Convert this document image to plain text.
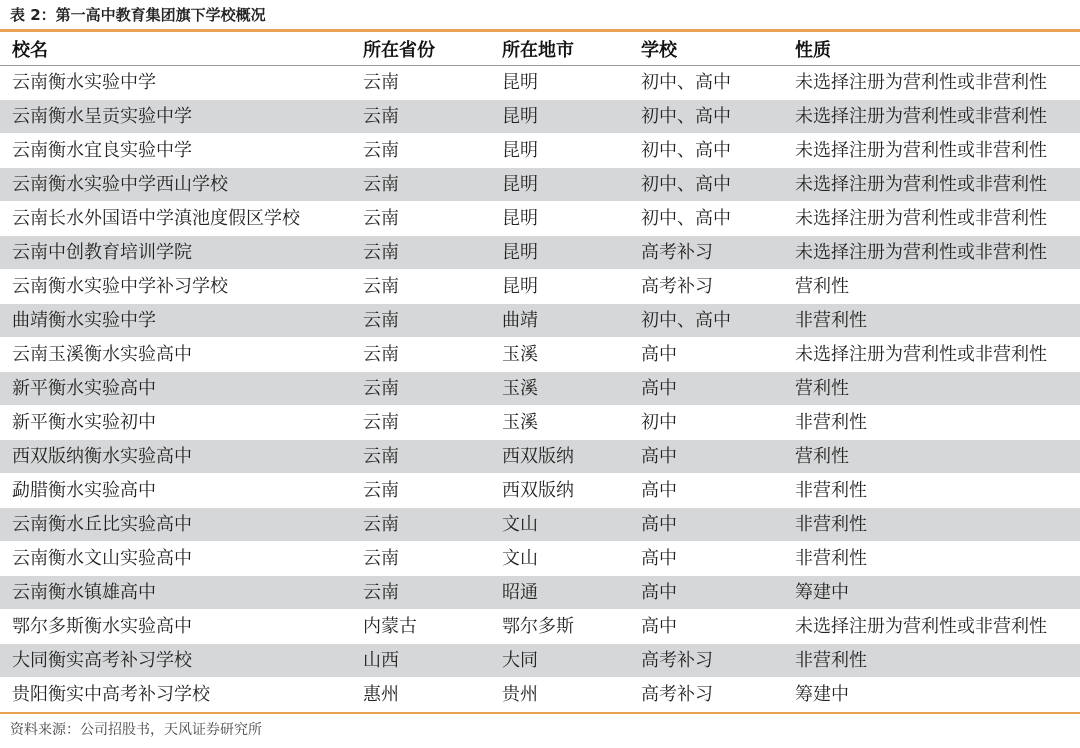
表 2：第一高中教育集团旗下学校概况
校名	所在省份	所在地市	学校	性质
云南衡水实验中学	云南	昆明	初中、高中	未选择注册为营利性或非营利性
云南衡水呈贡实验中学	云南	昆明	初中、高中	未选择注册为营利性或非营利性
云南衡水宜良实验中学	云南	昆明	初中、高中	未选择注册为营利性或非营利性
云南衡水实验中学西山学校	云南	昆明	初中、高中	未选择注册为营利性或非营利性
云南长水外国语中学滇池度假区学校	云南	昆明	初中、高中	未选择注册为营利性或非营利性
云南中创教育培训学院	云南	昆明	高考补习	未选择注册为营利性或非营利性
云南衡水实验中学补习学校	云南	昆明	高考补习	营利性
曲靖衡水实验中学	云南	曲靖	初中、高中	非营利性
云南玉溪衡水实验高中	云南	玉溪	高中	未选择注册为营利性或非营利性
新平衡水实验高中	云南	玉溪	高中	营利性
新平衡水实验初中	云南	玉溪	初中	非营利性
西双版纳衡水实验高中	云南	西双版纳	高中	营利性
勐腊衡水实验高中	云南	西双版纳	高中	非营利性
云南衡水丘比实验高中	云南	文山	高中	非营利性
云南衡水文山实验高中	云南	文山	高中	非营利性
云南衡水镇雄高中	云南	昭通	高中	筹建中
鄂尔多斯衡水实验高中	内蒙古	鄂尔多斯	高中	未选择注册为营利性或非营利性
大同衡实高考补习学校	山西	大同	高考补习	非营利性
贵阳衡实中高考补习学校	惠州	贵州	高考补习	筹建中
资料来源：公司招股书，天风证券研究所
